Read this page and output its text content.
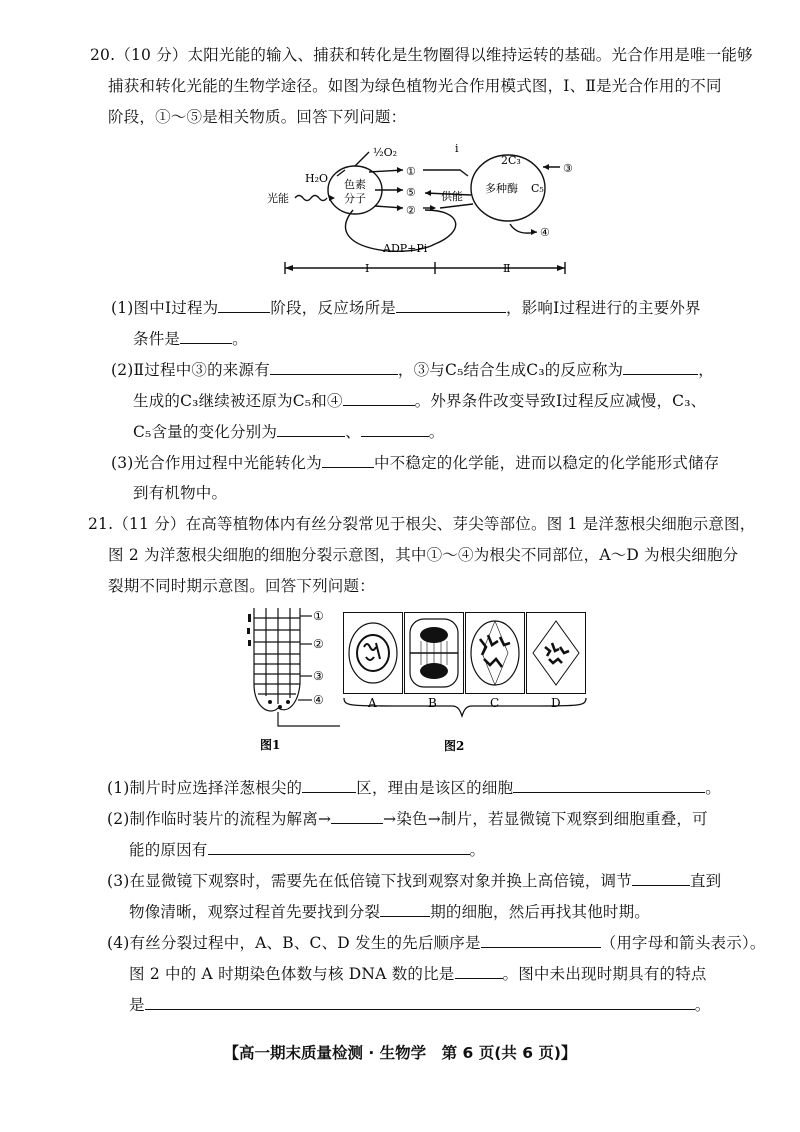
20.（10 分）太阳光能的输入、捕获和转化是生物圈得以维持运转的基础。光合作用是唯一能够
捕获和转化光能的生物学途径。如图为绿色植物光合作用模式图，Ⅰ、Ⅱ是光合作用的不同
阶段，①～⑤是相关物质。回答下列问题：
H₂O
½O₂
①
⑤
②
③
④
色素
分子
光能	供能
2C₃
C₅
多种酶
ADP+Pi
Ⅰ	Ⅱ
i
(1)图中Ⅰ过程为	阶段，反应场所是	，影响Ⅰ过程进行的主要外界
条件是	。
(2)Ⅱ过程中③的来源有	，③与C₅结合生成C₃的反应称为	，
生成的C₃继续被还原为C₅和④	。外界条件改变导致Ⅰ过程反应减慢，C₃、
C₅含量的变化分别为	、	。
(3)光合作用过程中光能转化为	中不稳定的化学能，进而以稳定的化学能形式储存
到有机物中。
21.（11 分）在高等植物体内有丝分裂常见于根尖、芽尖等部位。图 1 是洋葱根尖细胞示意图，
图 2 为洋葱根尖细胞的细胞分裂示意图，其中①～④为根尖不同部位，A～D 为根尖细胞分
裂期不同时期示意图。回答下列问题：
①
②
③
④
图1
A	B	C	D
图2
(1)制片时应选择洋葱根尖的	区，理由是该区的细胞	。
(2)制作临时装片的流程为解离→	→染色→制片，若显微镜下观察到细胞重叠，可
能的原因有	。
(3)在显微镜下观察时，需要先在低倍镜下找到观察对象并换上高倍镜，调节	直到
物像清晰，观察过程首先要找到分裂	期的细胞，然后再找其他时期。
(4)有丝分裂过程中，A、B、C、D 发生的先后顺序是	（用字母和箭头表示）。
图 2 中的 A 时期染色体数与核 DNA 数的比是	。图中未出现时期具有的特点
是	。
【高一期末质量检测 · 生物学　第 6 页(共 6 页)】
